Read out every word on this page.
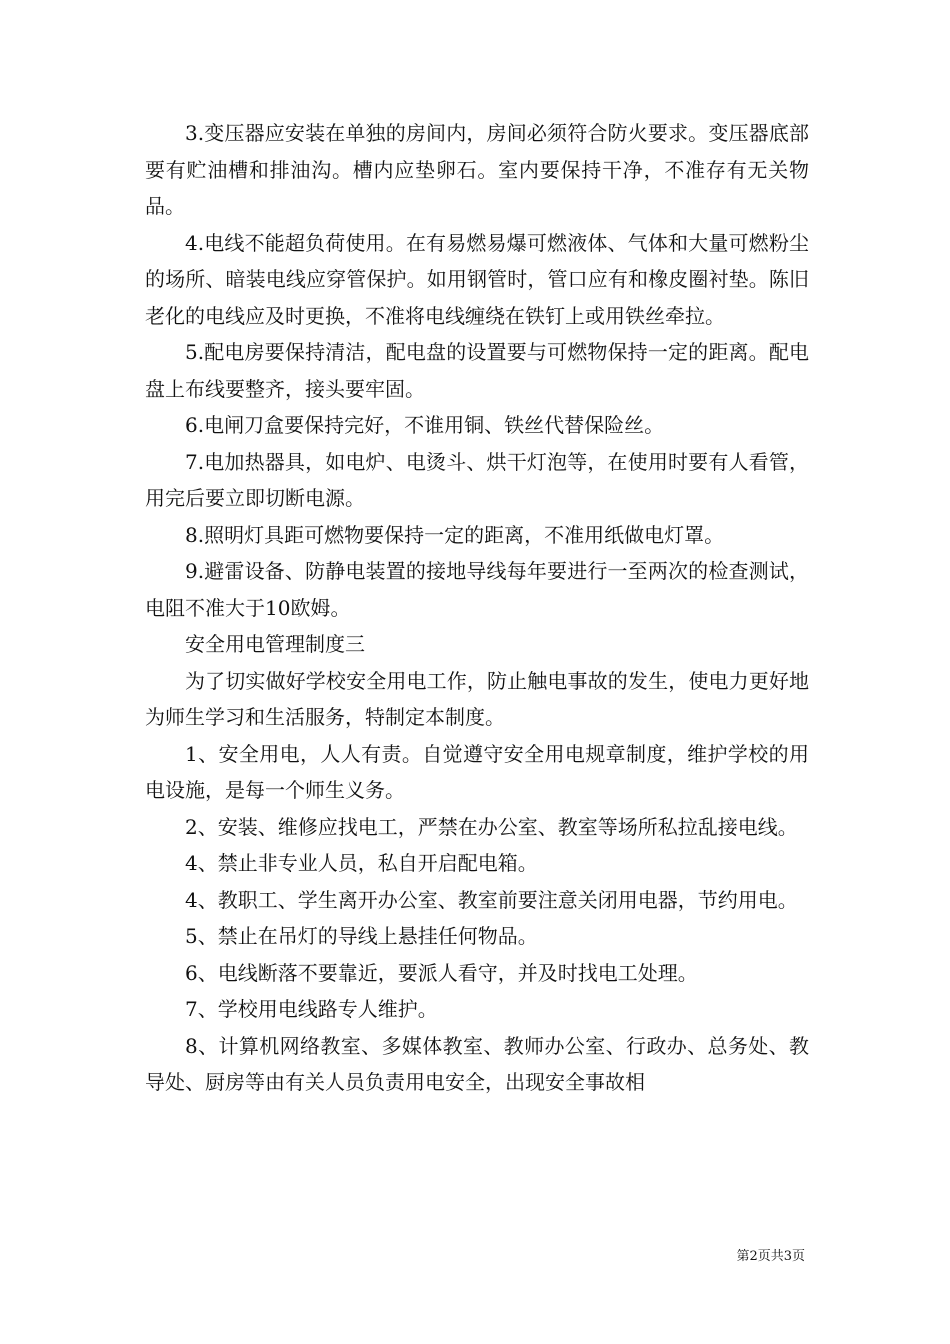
3.变压器应安装在单独的房间内，房间必须符合防火要求。变压器底部要有贮油槽和排油沟。槽内应垫卵石。室内要保持干净，不准存有无关物品。

4.电线不能超负荷使用。在有易燃易爆可燃液体、气体和大量可燃粉尘的场所、暗装电线应穿管保护。如用钢管时，管口应有和橡皮圈衬垫。陈旧老化的电线应及时更换，不准将电线缠绕在铁钉上或用铁丝牵拉。

5.配电房要保持清洁，配电盘的设置要与可燃物保持一定的距离。配电盘上布线要整齐，接头要牢固。

6.电闸刀盒要保持完好，不谁用铜、铁丝代替保险丝。

7.电加热器具，如电炉、电烫斗、烘干灯泡等，在使用时要有人看管，用完后要立即切断电源。

8.照明灯具距可燃物要保持一定的距离，不准用纸做电灯罩。

9.避雷设备、防静电装置的接地导线每年要进行一至两次的检查测试，电阻不准大于10欧姆。

安全用电管理制度三

为了切实做好学校安全用电工作，防止触电事故的发生，使电力更好地为师生学习和生活服务，特制定本制度。

1、安全用电，人人有责。自觉遵守安全用电规章制度，维护学校的用电设施，是每一个师生义务。

2、安装、维修应找电工，严禁在办公室、教室等场所私拉乱接电线。

4、禁止非专业人员，私自开启配电箱。

4、教职工、学生离开办公室、教室前要注意关闭用电器，节约用电。

5、禁止在吊灯的导线上悬挂任何物品。

6、电线断落不要靠近，要派人看守，并及时找电工处理。

7、学校用电线路专人维护。

8、计算机网络教室、多媒体教室、教师办公室、行政办、总务处、教导处、厨房等由有关人员负责用电安全，出现安全事故相

第2页共3页
